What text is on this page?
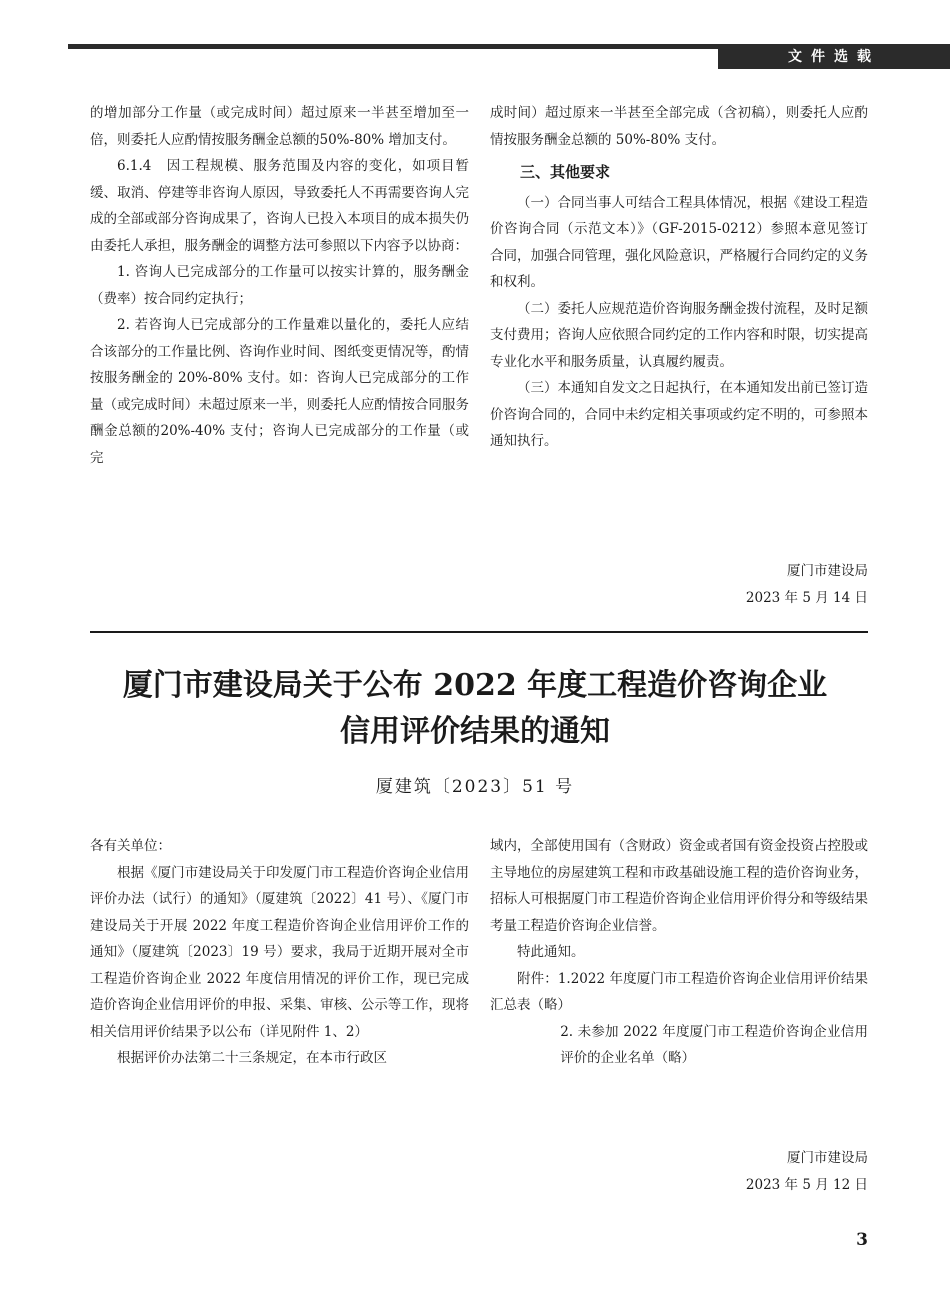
文件选载

的增加部分工作量（或完成时间）超过原来一半甚至增加至一倍，则委托人应酌情按服务酬金总额的50%-80% 增加支付。

6.1.4　因工程规模、服务范围及内容的变化，如项目暂缓、取消、停建等非咨询人原因，导致委托人不再需要咨询人完成的全部或部分咨询成果了，咨询人已投入本项目的成本损失仍由委托人承担，服务酬金的调整方法可参照以下内容予以协商：

1. 咨询人已完成部分的工作量可以按实计算的，服务酬金（费率）按合同约定执行；

2. 若咨询人已完成部分的工作量难以量化的，委托人应结合该部分的工作量比例、咨询作业时间、图纸变更情况等，酌情按服务酬金的 20%-80% 支付。如：咨询人已完成部分的工作量（或完成时间）未超过原来一半，则委托人应酌情按合同服务酬金总额的20%-40% 支付；咨询人已完成部分的工作量（或完

成时间）超过原来一半甚至全部完成（含初稿），则委托人应酌情按服务酬金总额的 50%-80% 支付。

三、其他要求

（一）合同当事人可结合工程具体情况，根据《建设工程造价咨询合同（示范文本）》（GF-2015-0212）参照本意见签订合同，加强合同管理，强化风险意识，严格履行合同约定的义务和权利。

（二）委托人应规范造价咨询服务酬金拨付流程，及时足额支付费用；咨询人应依照合同约定的工作内容和时限，切实提高专业化水平和服务质量，认真履约履责。

（三）本通知自发文之日起执行，在本通知发出前已签订造价咨询合同的，合同中未约定相关事项或约定不明的，可参照本通知执行。

厦门市建设局
2023 年 5 月 14 日
厦门市建设局关于公布 2022 年度工程造价咨询企业
信用评价结果的通知
厦建筑〔2023〕51 号

各有关单位：

根据《厦门市建设局关于印发厦门市工程造价咨询企业信用评价办法（试行）的通知》（厦建筑〔2022〕41 号）、《厦门市建设局关于开展 2022 年度工程造价咨询企业信用评价工作的通知》（厦建筑〔2023〕19 号）要求，我局于近期开展对全市工程造价咨询企业 2022 年度信用情况的评价工作，现已完成造价咨询企业信用评价的申报、采集、审核、公示等工作，现将相关信用评价结果予以公布（详见附件 1、2）

根据评价办法第二十三条规定，在本市行政区

域内，全部使用国有（含财政）资金或者国有资金投资占控股或主导地位的房屋建筑工程和市政基础设施工程的造价咨询业务，招标人可根据厦门市工程造价咨询企业信用评价得分和等级结果考量工程造价咨询企业信誉。

特此通知。

附件：1.2022 年度厦门市工程造价咨询企业信用评价结果汇总表（略）

2. 未参加 2022 年度厦门市工程造价咨询企业信用评价的企业名单（略）

厦门市建设局
2023 年 5 月 12 日
3
